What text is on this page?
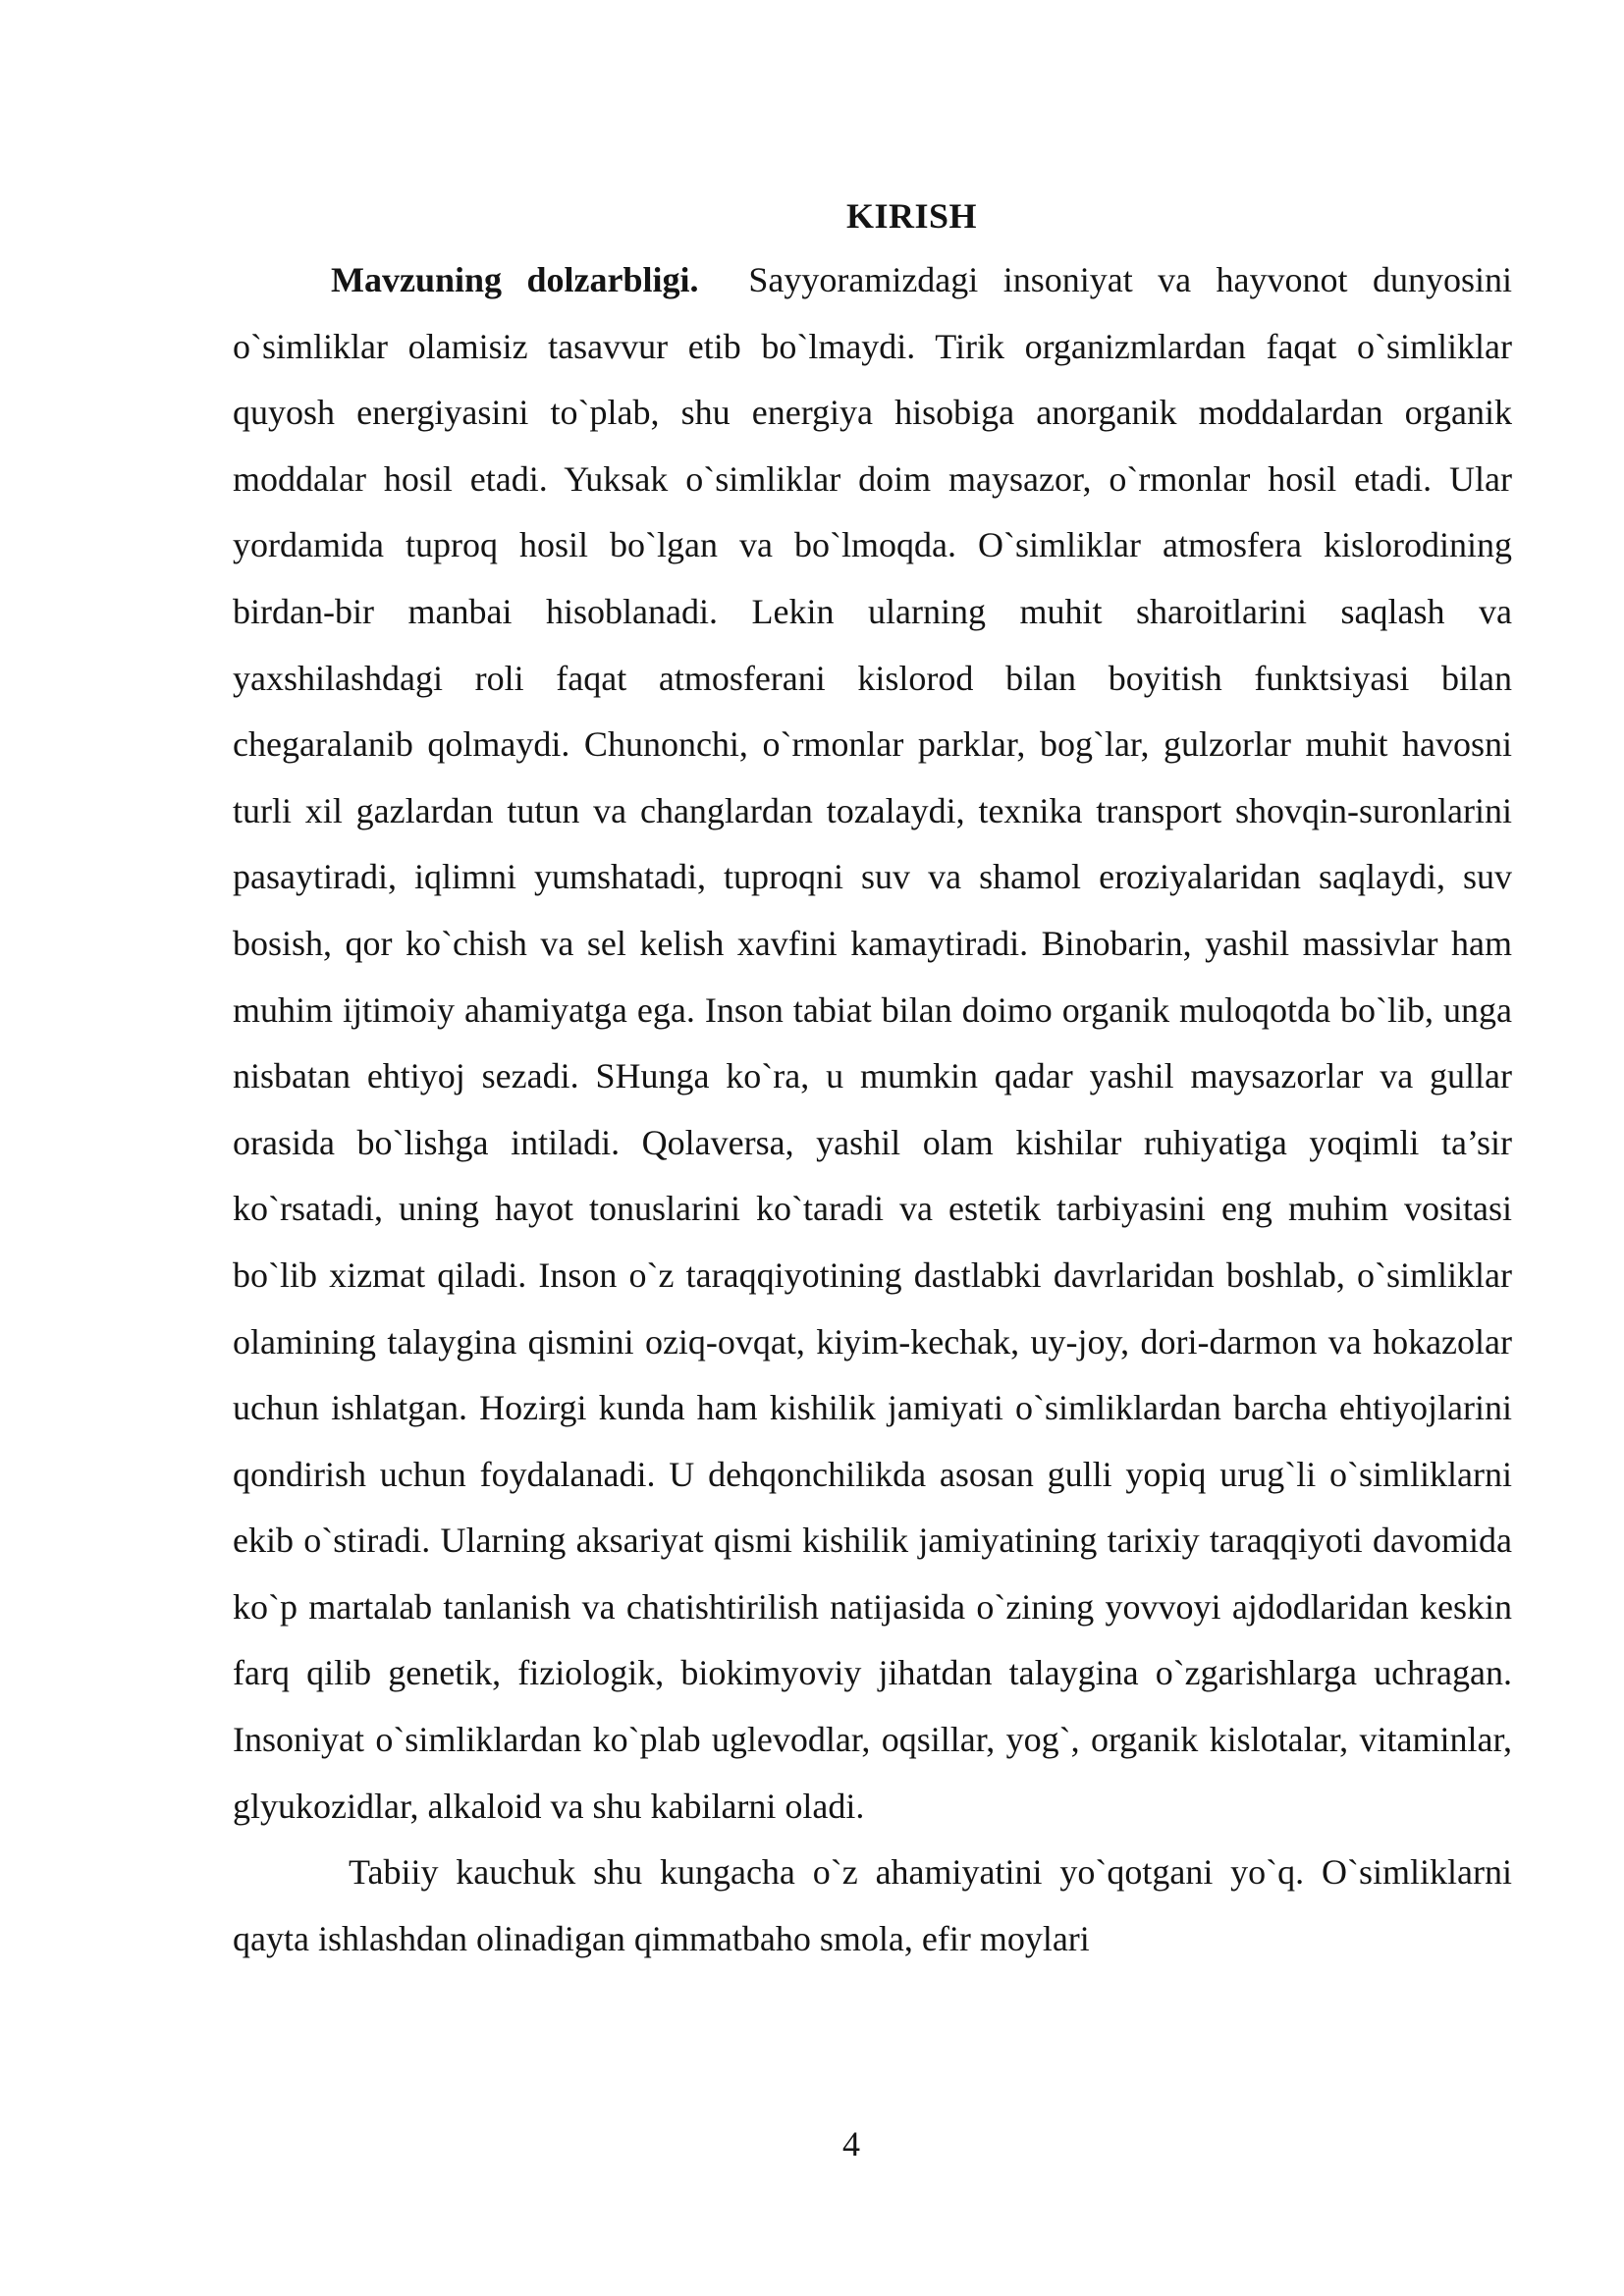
KIRISH

Mavzuning dolzarbligi. Sayyoramizdagi insoniyat va hayvonot dunyosini o`simliklar olamisiz tasavvur etib bo`lmaydi. Tirik organizmlardan faqat o`simliklar quyosh energiyasini to`plab, shu energiya hisobiga anorganik moddalardan organik moddalar hosil etadi. Yuksak o`simliklar doim maysazor, o`rmonlar hosil etadi. Ular yordamida tuproq hosil bo`lgan va bo`lmoqda. O`simliklar atmosfera kislorodining birdan-bir manbai hisoblanadi. Lekin ularning muhit sharoitlarini saqlash va yaxshilashdagi roli faqat atmosferani kislorod bilan boyitish funktsiyasi bilan chegaralanib qolmaydi. Chunonchi, o`rmonlar parklar, bog`lar, gulzorlar muhit havosni turli xil gazlardan tutun va changlardan tozalaydi, texnika transport shovqin-suronlarini pasaytiradi, iqlimni yumshatadi, tuproqni suv va shamol eroziyalaridan saqlaydi, suv bosish, qor ko`chish va sel kelish xavfini kamaytiradi. Binobarin, yashil massivlar ham muhim ijtimoiy ahamiyatga ega. Inson tabiat bilan doimo organik muloqotda bo`lib, unga nisbatan ehtiyoj sezadi. SHunga ko`ra, u mumkin qadar yashil maysazorlar va gullar orasida bo`lishga intiladi. Qolaversa, yashil olam kishilar ruhiyatiga yoqimli ta’sir ko`rsatadi, uning hayot tonuslarini ko`taradi va estetik tarbiyasini eng muhim vositasi bo`lib xizmat qiladi. Inson o`z taraqqiyotining dastlabki davrlaridan boshlab, o`simliklar olamining talaygina qismini oziq-ovqat, kiyim-kechak, uy-joy, dori-darmon va hokazolar uchun ishlatgan. Hozirgi kunda ham kishilik jamiyati o`simliklardan barcha ehtiyojlarini qondirish uchun foydalanadi. U dehqonchilikda asosan gulli yopiq urug`li o`simliklarni ekib o`stiradi. Ularning aksariyat qismi kishilik jamiyatining tarixiy taraqqiyoti davomida ko`p martalab tanlanish va chatishtirilish natijasida o`zining yovvoyi ajdodlaridan keskin farq qilib genetik, fiziologik, biokimyoviy jihatdan talaygina o`zgarishlarga uchragan. Insoniyat o`simliklardan ko`plab uglevodlar, oqsillar, yog`, organik kislotalar, vitaminlar, glyukozidlar, alkaloid va shu kabilarni oladi.

Tabiiy kauchuk shu kungacha o`z ahamiyatini yo`qotgani yo`q. O`simliklarni qayta ishlashdan olinadigan qimmatbaho smola, efir moylari

4
